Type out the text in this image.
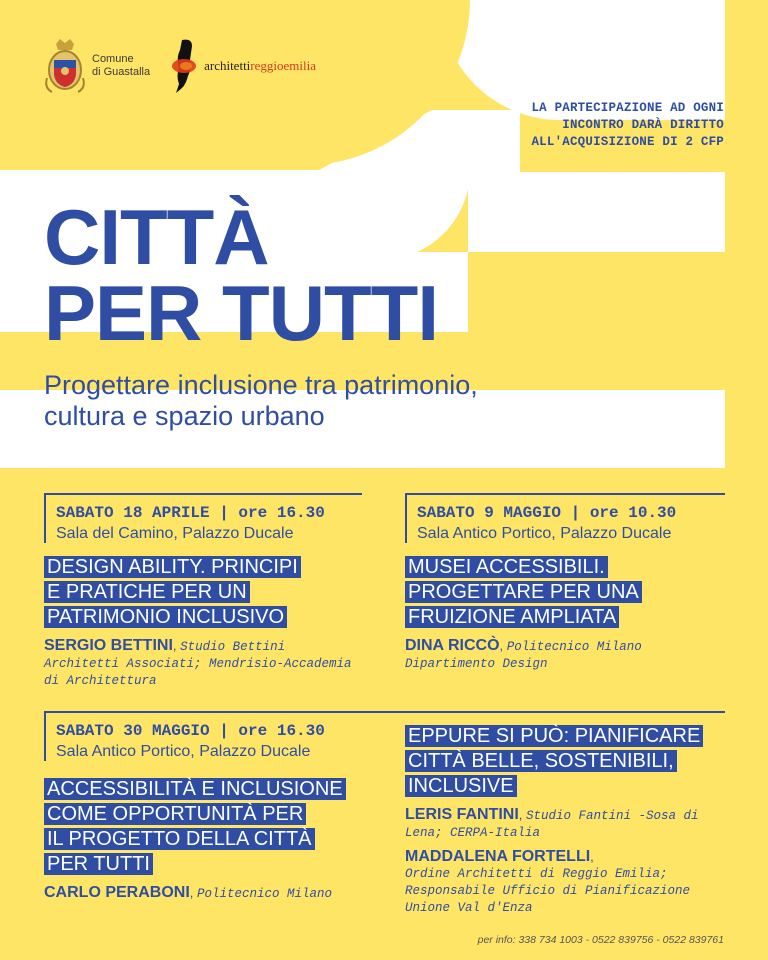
Comune
di Guastalla	architettireggioemilia
LA PARTECIPAZIONE AD OGNI
INCONTRO DARÀ DIRITTO
ALL'ACQUISIZIONE DI 2 CFP
CITTÀ
PER TUTTI
Progettare inclusione tra patrimonio,
cultura e spazio urbano
SABATO 18 APRILE | ore 16.30
Sala del Camino, Palazzo Ducale
DESIGN ABILITY. PRINCIPI
E PRATICHE PER UN
PATRIMONIO INCLUSIVO
SERGIO BETTINI, Studio Bettini Architetti Associati; Mendrisio-Accademia di Architettura
SABATO 9 MAGGIO | ore 10.30
Sala Antico Portico, Palazzo Ducale
MUSEI ACCESSIBILI.
PROGETTARE PER UNA
FRUIZIONE AMPLIATA
DINA RICCÒ, Politecnico Milano Dipartimento Design
SABATO 30 MAGGIO | ore 16.30
Sala Antico Portico, Palazzo Ducale
ACCESSIBILITÀ E INCLUSIONE
COME OPPORTUNITÀ PER
IL PROGETTO DELLA CITTÀ
PER TUTTI
CARLO PERABONI, Politecnico Milano
EPPURE SI PUÒ: PIANIFICARE
CITTÀ BELLE, SOSTENIBILI,
INCLUSIVE
LERIS FANTINI, Studio Fantini -Sosa di Lena; CERPA-Italia
MADDALENA FORTELLI,
Ordine Architetti di Reggio Emilia; Responsabile Ufficio di Pianificazione Unione Val d'Enza
per info: 338 734 1003 - 0522 839756 - 0522 839761
